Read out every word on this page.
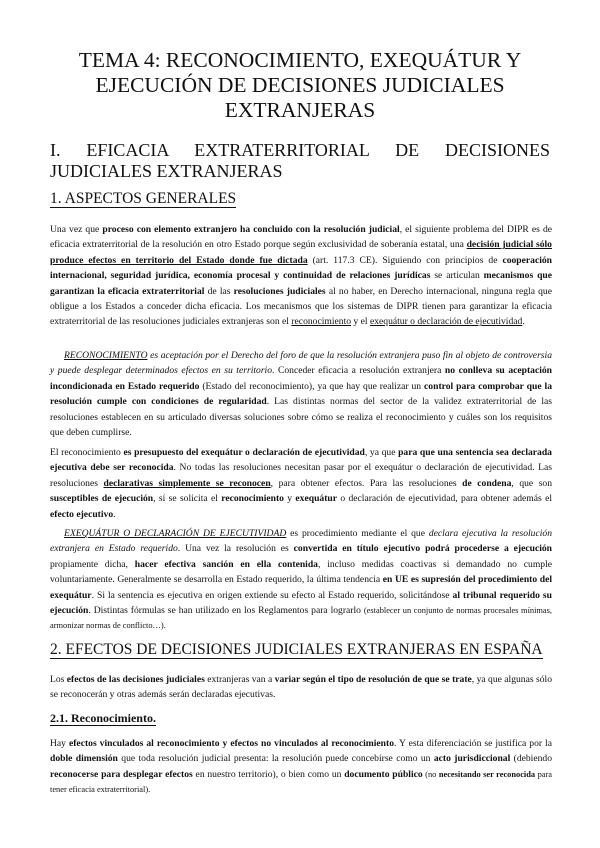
TEMA 4: RECONOCIMIENTO, EXEQUÁTUR Y EJECUCIÓN DE DECISIONES JUDICIALES EXTRANJERAS
I. EFICACIA EXTRATERRITORIAL DE DECISIONES JUDICIALES EXTRANJERAS
1. ASPECTOS GENERALES

Una vez que proceso con elemento extranjero ha concluido con la resolución judicial, el siguiente problema del DIPR es de eficacia extraterritorial de la resolución en otro Estado porque según exclusividad de soberanía estatal, una decisión judicial sólo produce efectos en territorio del Estado donde fue dictada (art. 117.3 CE). Siguiendo con principios de cooperación internacional, seguridad jurídica, economía procesal y continuidad de relaciones jurídicas se articulan mecanismos que garantizan la eficacia extraterritorial de las resoluciones judiciales al no haber, en Derecho internacional, ninguna regla que obligue a los Estados a conceder dicha eficacia. Los mecanismos que los sistemas de DIPR tienen para garantizar la eficacia extraterritorial de las resoluciones judiciales extranjeras son el reconocimiento y el exequátur o declaración de ejecutividad.

RECONOCIMIENTO es aceptación por el Derecho del foro de que la resolución extranjera puso fin al objeto de controversia y puede desplegar determinados efectos en su territorio. Conceder eficacia a resolución extranjera no conlleva su aceptación incondicionada en Estado requerido (Estado del reconocimiento), ya que hay que realizar un control para comprobar que la resolución cumple con condiciones de regularidad. Las distintas normas del sector de la validez extraterritorial de las resoluciones establecen en su articulado diversas soluciones sobre cómo se realiza el reconocimiento y cuáles son los requisitos que deben cumplirse.

El reconocimiento es presupuesto del exequátur o declaración de ejecutividad, ya que para que una sentencia sea declarada ejecutiva debe ser reconocida. No todas las resoluciones necesitan pasar por el exequátur o declaración de ejecutividad. Las resoluciones declarativas simplemente se reconocen, para obtener efectos. Para las resoluciones de condena, que son susceptibles de ejecución, sí se solicita el reconocimiento y exequátur o declaración de ejecutividad, para obtener además el efecto ejecutivo.

EXEQUÁTUR O DECLARACIÓN DE EJECUTIVIDAD es procedimiento mediante el que declara ejecutiva la resolución extranjera en Estado requerido. Una vez la resolución es convertida en título ejecutivo podrá procederse a ejecución propiamente dicha, hacer efectiva sanción en ella contenida, incluso medidas coactivas si demandado no cumple voluntariamente. Generalmente se desarrolla en Estado requerido, la última tendencia en UE es supresión del procedimiento del exequátur. Si la sentencia es ejecutiva en origen extiende su efecto al Estado requerido, solicitándose al tribunal requerido su ejecución. Distintas fórmulas se han utilizado en los Reglamentos para lograrlo (establecer un conjunto de normas procesales mínimas, armonizar normas de conflicto…).

2. EFECTOS DE DECISIONES JUDICIALES EXTRANJERAS EN ESPAÑA

Los efectos de las decisiones judiciales extranjeras van a variar según el tipo de resolución de que se trate, ya que algunas sólo se reconocerán y otras además serán declaradas ejecutivas.

2.1. Reconocimiento.

Hay efectos vinculados al reconocimiento y efectos no vinculados al reconocimiento. Y esta diferenciación se justifica por la doble dimensión que toda resolución judicial presenta: la resolución puede concebirse como un acto jurisdiccional (debiendo reconocerse para desplegar efectos en nuestro territorio), o bien como un documento público (no necesitando ser reconocida para tener eficacia extraterritorial).
